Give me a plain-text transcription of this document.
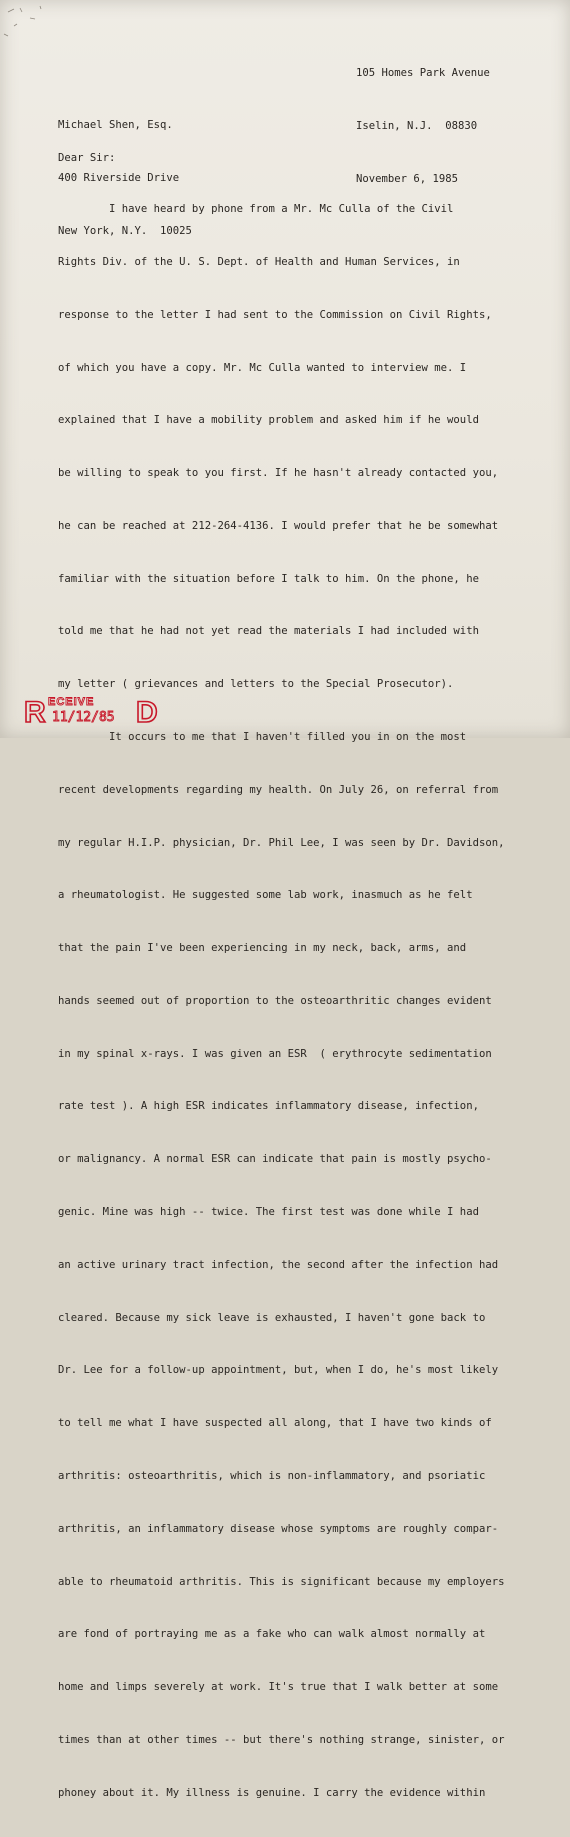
105 Homes Park Avenue

Iselin, N.J.  08830

November 6, 1985

Michael Shen, Esq.

400 Riverside Drive

New York, N.Y.  10025

Dear Sir:

I have heard by phone from a Mr. Mc Culla of the Civil

Rights Div. of the U. S. Dept. of Health and Human Services, in

response to the letter I had sent to the Commission on Civil Rights,

of which you have a copy. Mr. Mc Culla wanted to interview me. I

explained that I have a mobility problem and asked him if he would

be willing to speak to you first. If he hasn't already contacted you,

he can be reached at 212-264-4136. I would prefer that he be somewhat

familiar with the situation before I talk to him. On the phone, he

told me that he had not yet read the materials I had included with

my letter ( grievances and letters to the Special Prosecutor).

It occurs to me that I haven't filled you in on the most

recent developments regarding my health. On July 26, on referral from

my regular H.I.P. physician, Dr. Phil Lee, I was seen by Dr. Davidson,

a rheumatologist. He suggested some lab work, inasmuch as he felt

that the pain I've been experiencing in my neck, back, arms, and

hands seemed out of proportion to the osteoarthritic changes evident

in my spinal x-rays. I was given an ESR  ( erythrocyte sedimentation

rate test ). A high ESR indicates inflammatory disease, infection,

or malignancy. A normal ESR can indicate that pain is mostly psycho-

genic. Mine was high -- twice. The first test was done while I had

an active urinary tract infection, the second after the infection had

cleared. Because my sick leave is exhausted, I haven't gone back to

Dr. Lee for a follow-up appointment, but, when I do, he's most likely

to tell me what I have suspected all along, that I have two kinds of

arthritis: osteoarthritis, which is non-inflammatory, and psoriatic

arthritis, an inflammatory disease whose symptoms are roughly compar-

able to rheumatoid arthritis. This is significant because my employers

are fond of portraying me as a fake who can walk almost normally at

home and limps severely at work. It's true that I walk better at some

times than at other times -- but there's nothing strange, sinister, or

phoney about it. My illness is genuine. I carry the evidence within

R	D
ECEIVE
11/12/85
